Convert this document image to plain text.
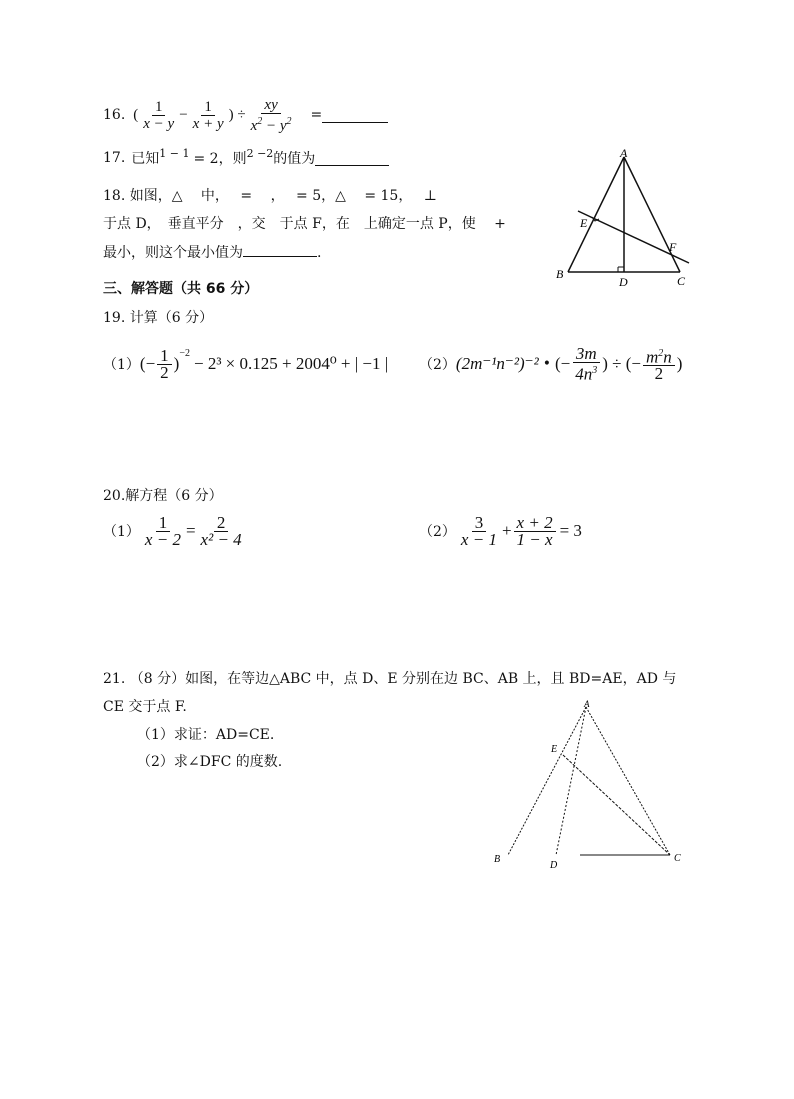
16. ( $\frac{1}{x - y} - \frac{1}{x + y}$ ) ÷ $\frac{xy}{x^2 - y^2}$ =
17. 已知 1 − 1 = 2，则 2 −2 的值为
18. 如图，△　 中，　 =　 ，　 = 5，△　 = 15，　 ⊥
于点 D，　垂直平分　，交　于点 F，在　上确定一点 P，使　 +
最小，则这个最小值为	.
A
B	C
D
E
F
三、解答题（共 66 分）
19. 计算（6 分）
（1） (− $\frac{1}{2}$ )
$^{-2}$
− 2³ × 0.125 + 2004⁰ + | −1 | （2） (2m⁻¹n⁻²)⁻² • (− $\frac{3m}{4n^3}$ ) ÷ (− $\frac{m^2n}{2}$ )
20.解方程（6 分）
$(1) \frac{1}{x - 2} = \frac{2}{\text{x² − 4}}$	$(2) \frac{3}{x - 1} + \frac{x + 2}{1 - x} = 3$
21. （8 分）如图，在等边△ABC 中，点 D、E 分别在边 BC、AB 上，且 BD=AE，AD 与
CE 交于点 F.
（1）求证：AD=CE.
（2）求∠DFC 的度数.
A
B	C
D
E
